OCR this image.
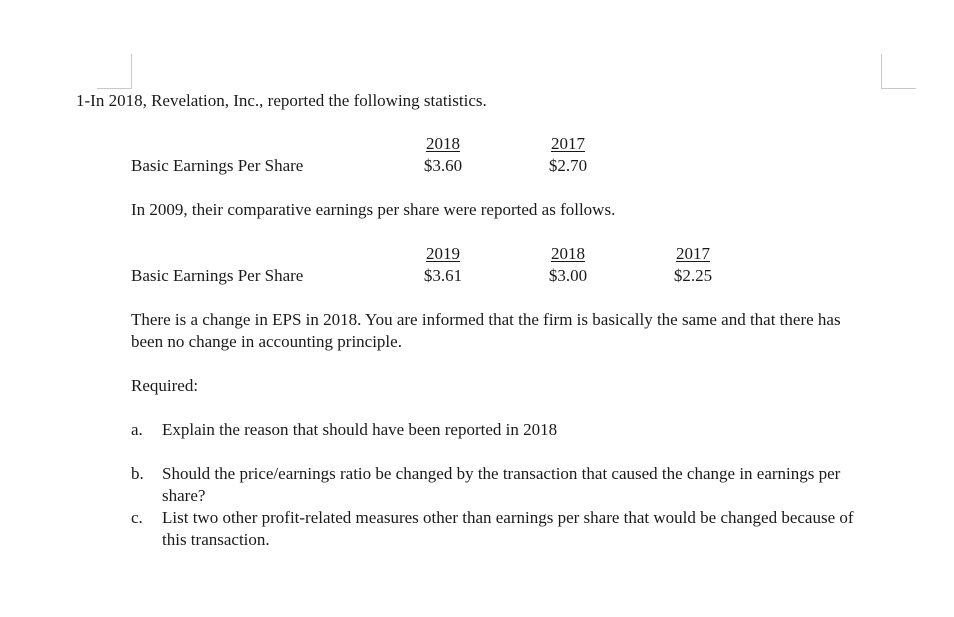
1-In 2018, Revelation, Inc., reported the following statistics.
2018	2017
Basic Earnings Per Share	$3.60	$2.70
In 2009, their comparative earnings per share were reported as follows.
2019	2018	2017
Basic Earnings Per Share	$3.61	$3.00	$2.25
There is a change in EPS in 2018. You are informed that the firm is basically the same and that there has been no change in accounting principle.
Required:
a. Explain the reason that should have been reported in 2018
b. Should the price/earnings ratio be changed by the transaction that caused the change in earnings per share?
c. List two other profit-related measures other than earnings per share that would be changed because of this transaction.
